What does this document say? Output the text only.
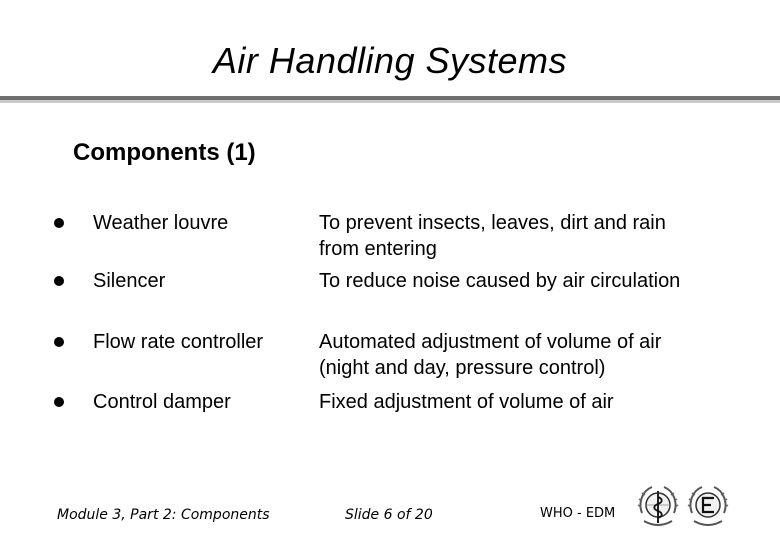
Air Handling Systems
Components (1)
Weather louvre	To prevent insects, leaves, dirt and rain from entering
Silencer	To reduce noise caused by air circulation
Flow rate controller	Automated adjustment of volume of air (night and day, pressure control)
Control damper	Fixed adjustment of volume of air
Module 3, Part 2: Components	Slide 6 of 20	WHO - EDM
